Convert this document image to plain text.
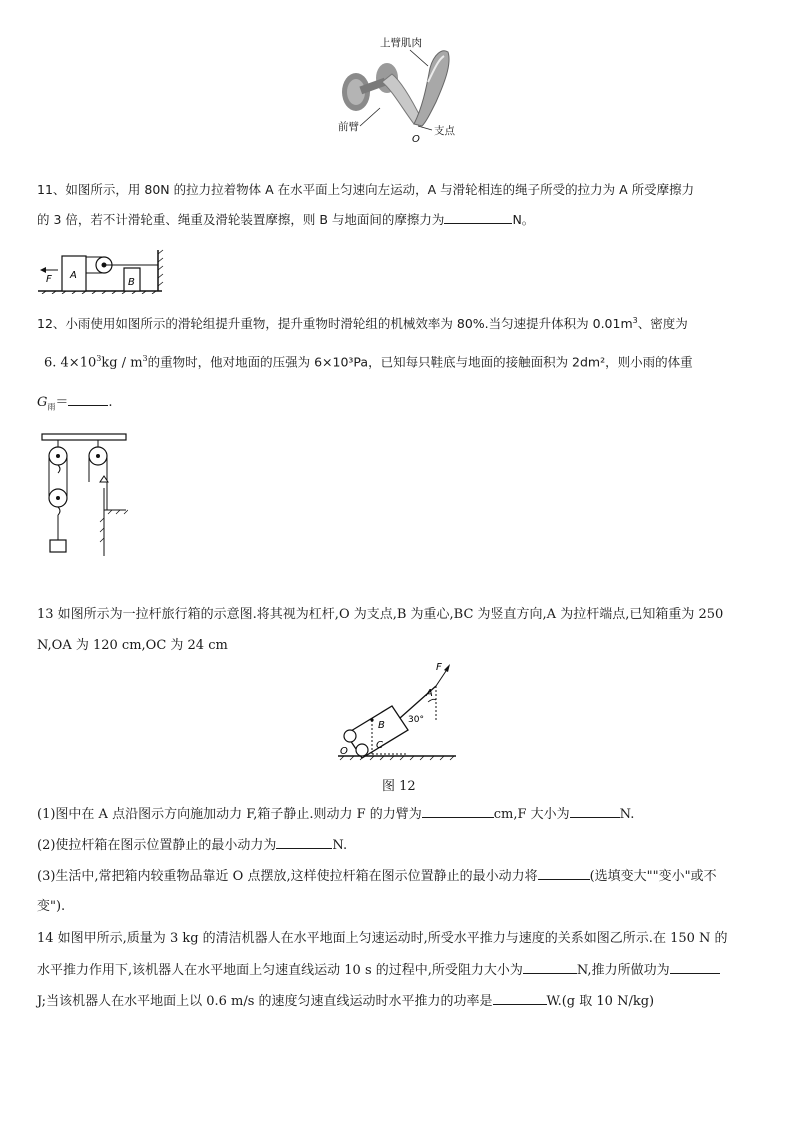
上臂肌肉
前臂	支点
O
11、如图所示，用 80N 的拉力拉着物体 A 在水平面上匀速向左运动，A 与滑轮相连的绳子所受的拉力为 A 所受摩擦力
的 3 倍，若不计滑轮重、绳重及滑轮装置摩擦，则 B 与地面间的摩擦力为	N。
F A
B
12、小雨使用如图所示的滑轮组提升重物，提升重物时滑轮组的机械效率为 80%.当匀速提升体积为 $0.01m^3$、密度为
6. $4\times 10^3kg / m^3$的重物时，他对地面的压强为 6×10³Pa，已知每只鞋底与地面的接触面积为 2dm²，则小雨的体重
$G_雨=$	.
13 如图所示为一拉杆旅行箱的示意图.将其视为杠杆,O 为支点,B 为重心,BC 为竖直方向,A 为拉杆端点,已知箱重为 250
N,OA 为 120 cm,OC 为 24 cm
F
A
B
C
O
30°
图 12
(1)图中在 A 点沿图示方向施加动力 F,箱子静止.则动力 F 的力臂为	cm,F 大小为	N.
(2)使拉杆箱在图示位置静止的最小动力为	N.
(3)生活中,常把箱内较重物品靠近 O 点摆放,这样使拉杆箱在图示位置静止的最小动力将	(选填变大""变小"或不
变").
14 如图甲所示,质量为 3 kg 的清洁机器人在水平地面上匀速运动时,所受水平推力与速度的关系如图乙所示.在 150 N 的
水平推力作用下,该机器人在水平地面上匀速直线运动 10 s 的过程中,所受阻力大小为	N,推力所做功为
J;当该机器人在水平地面上以 0.6 m/s 的速度匀速直线运动时水平推力的功率是	W.(g 取 10 N/kg)
